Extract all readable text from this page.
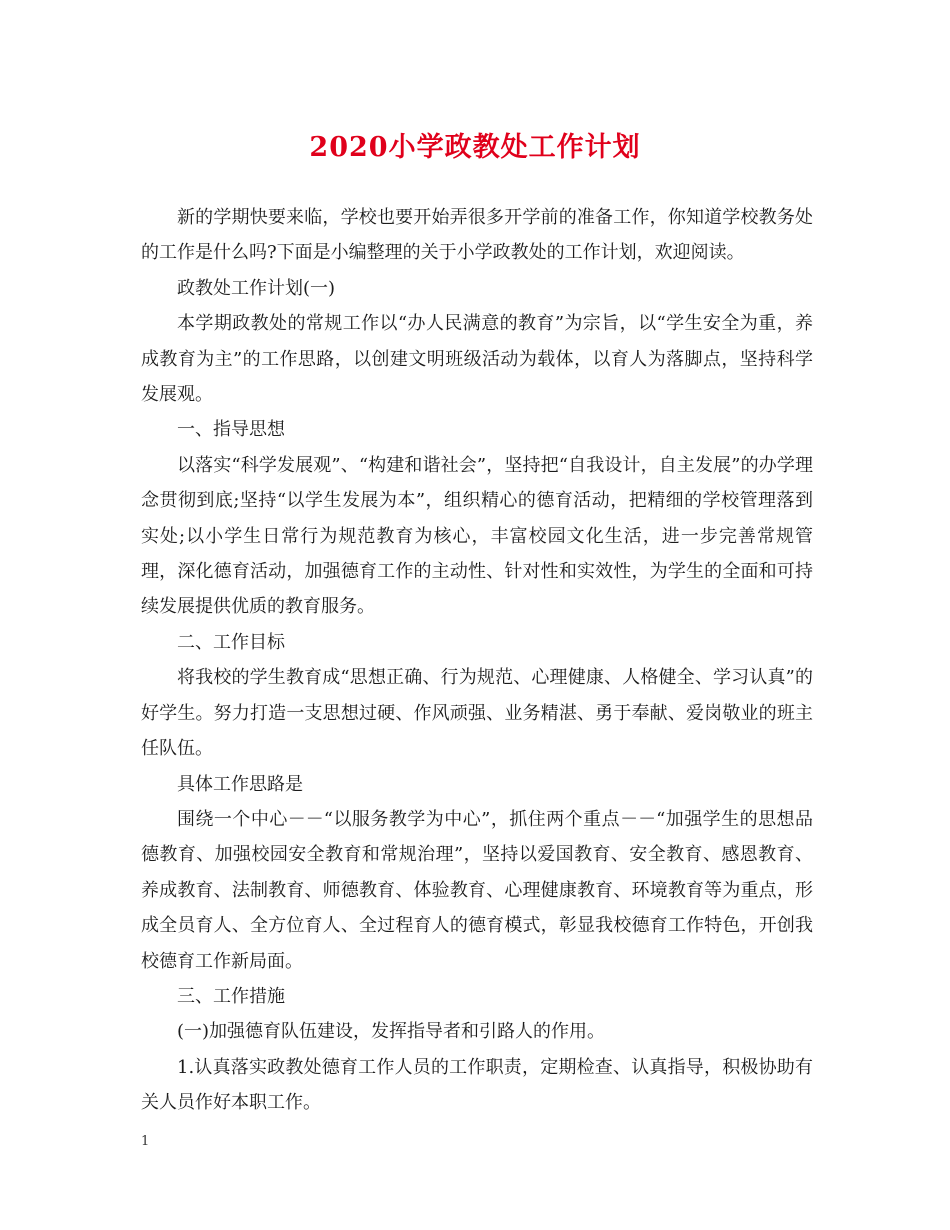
2020小学政教处工作计划

新的学期快要来临，学校也要开始弄很多开学前的准备工作，你知道学校教务处的工作是什么吗?下面是小编整理的关于小学政教处的工作计划，欢迎阅读。

政教处工作计划(一)

本学期政教处的常规工作以“办人民满意的教育”为宗旨，以“学生安全为重，养成教育为主”的工作思路，以创建文明班级活动为载体，以育人为落脚点，坚持科学发展观。

一、指导思想

以落实“科学发展观”、“构建和谐社会”，坚持把“自我设计，自主发展”的办学理念贯彻到底;坚持“以学生发展为本”，组织精心的德育活动，把精细的学校管理落到实处;以小学生日常行为规范教育为核心，丰富校园文化生活，进一步完善常规管理，深化德育活动，加强德育工作的主动性、针对性和实效性，为学生的全面和可持续发展提供优质的教育服务。

二、工作目标

将我校的学生教育成“思想正确、行为规范、心理健康、人格健全、学习认真”的好学生。努力打造一支思想过硬、作风顽强、业务精湛、勇于奉献、爱岗敬业的班主任队伍。

具体工作思路是

围绕一个中心－－“以服务教学为中心”，抓住两个重点－－“加强学生的思想品德教育、加强校园安全教育和常规治理”，坚持以爱国教育、安全教育、感恩教育、养成教育、法制教育、师德教育、体验教育、心理健康教育、环境教育等为重点，形成全员育人、全方位育人、全过程育人的德育模式，彰显我校德育工作特色，开创我校德育工作新局面。

三、工作措施

(一)加强德育队伍建设，发挥指导者和引路人的作用。

1.认真落实政教处德育工作人员的工作职责，定期检查、认真指导，积极协助有关人员作好本职工作。

1
